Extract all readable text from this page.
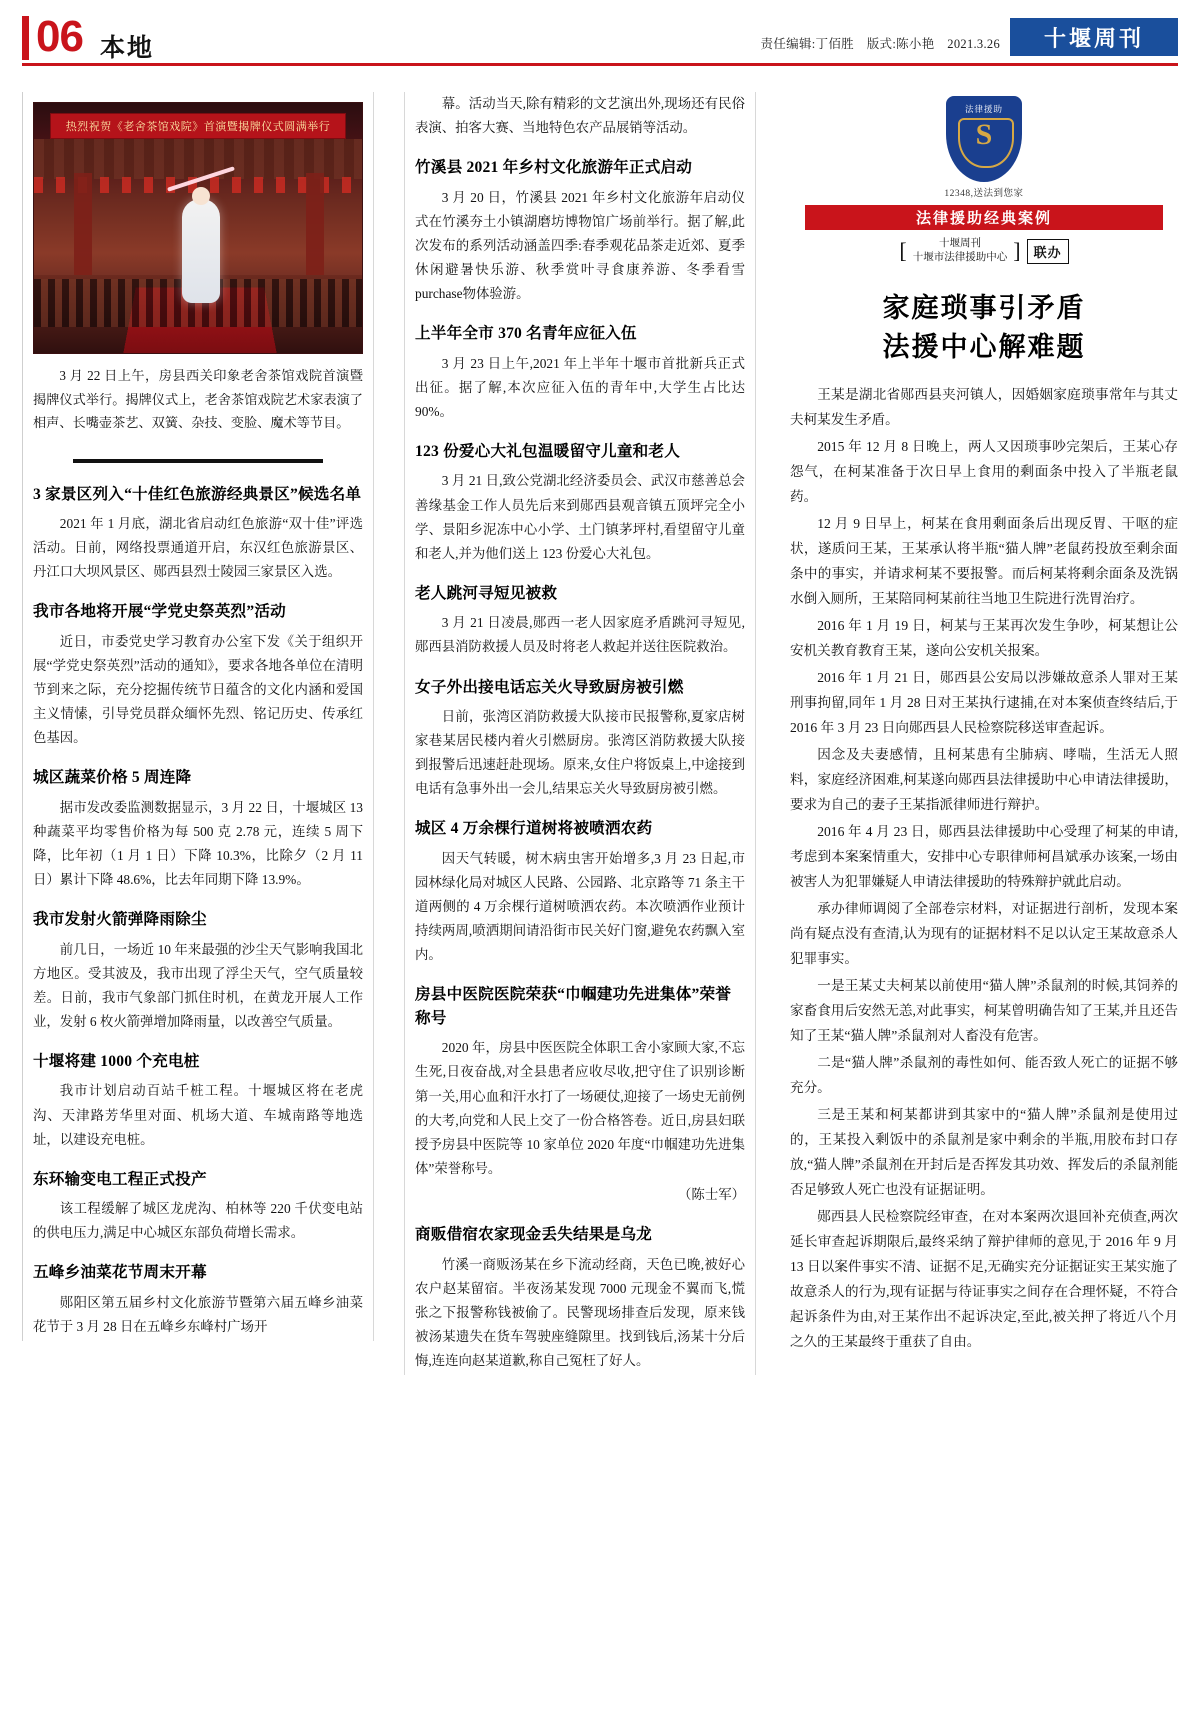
06 本地	责任编辑:丁佰胜　版式:陈小艳　2021.3.26	十堰周刊
热烈祝贺《老舍茶馆戏院》首演暨揭牌仪式圆满举行
3 月 22 日上午，房县西关印象老舍茶馆戏院首演暨揭牌仪式举行。揭牌仪式上，老舍茶馆戏院艺术家表演了相声、长嘴壶茶艺、双簧、杂技、变脸、魔术等节目。
3 家景区列入“十佳红色旅游经典景区”候选名单

2021 年 1 月底，湖北省启动红色旅游“双十佳”评选活动。日前，网络投票通道开启，东汉红色旅游景区、丹江口大坝风景区、郧西县烈士陵园三家景区入选。

我市各地将开展“学党史祭英烈”活动

近日，市委党史学习教育办公室下发《关于组织开展“学党史祭英烈”活动的通知》，要求各地各单位在清明节到来之际，充分挖掘传统节日蕴含的文化内涵和爱国主义情愫，引导党员群众缅怀先烈、铭记历史、传承红色基因。

城区蔬菜价格 5 周连降

据市发改委监测数据显示，3 月 22 日，十堰城区 13 种蔬菜平均零售价格为每 500 克 2.78 元，连续 5 周下降，比年初（1 月 1 日）下降 10.3%，比除夕（2 月 11 日）累计下降 48.6%，比去年同期下降 13.9%。

我市发射火箭弹降雨除尘

前几日，一场近 10 年来最强的沙尘天气影响我国北方地区。受其波及，我市出现了浮尘天气，空气质量较差。日前，我市气象部门抓住时机，在黄龙开展人工作业，发射 6 枚火箭弹增加降雨量，以改善空气质量。

十堰将建 1000 个充电桩

我市计划启动百站千桩工程。十堰城区将在老虎沟、天津路芳华里对面、机场大道、车城南路等地选址，以建设充电桩。

东环输变电工程正式投产

该工程缓解了城区龙虎沟、柏林等 220 千伏变电站的供电压力,满足中心城区东部负荷增长需求。

五峰乡油菜花节周末开幕

郧阳区第五届乡村文化旅游节暨第六届五峰乡油菜花节于 3 月 28 日在五峰乡东峰村广场开

幕。活动当天,除有精彩的文艺演出外,现场还有民俗表演、拍客大赛、当地特色农产品展销等活动。

竹溪县 2021 年乡村文化旅游年正式启动

3 月 20 日，竹溪县 2021 年乡村文化旅游年启动仪式在竹溪夯土小镇湖磨坊博物馆广场前举行。据了解,此次发布的系列活动涵盖四季:春季观花品茶走近郊、夏季休闲避暑快乐游、秋季赏叶寻食康养游、冬季看雪purchase物体验游。

上半年全市 370 名青年应征入伍

3 月 23 日上午,2021 年上半年十堰市首批新兵正式出征。据了解,本次应征入伍的青年中,大学生占比达 90%。

123 份爱心大礼包温暖留守儿童和老人

3 月 21 日,致公党湖北经济委员会、武汉市慈善总会善缘基金工作人员先后来到郧西县观音镇五顶坪完全小学、景阳乡泥冻中心小学、土门镇茅坪村,看望留守儿童和老人,并为他们送上 123 份爱心大礼包。

老人跳河寻短见被救

3 月 21 日凌晨,郧西一老人因家庭矛盾跳河寻短见,郧西县消防救援人员及时将老人救起并送往医院救治。

女子外出接电话忘关火导致厨房被引燃

日前，张湾区消防救援大队接市民报警称,夏家店树家巷某居民楼内着火引燃厨房。张湾区消防救援大队接到报警后迅速赶赴现场。原来,女住户将饭桌上,中途接到电话有急事外出一会儿,结果忘关火导致厨房被引燃。

城区 4 万余棵行道树将被喷洒农药

因天气转暖，树木病虫害开始增多,3 月 23 日起,市园林绿化局对城区人民路、公园路、北京路等 71 条主干道两侧的 4 万余棵行道树喷洒农药。本次喷洒作业预计持续两周,喷洒期间请沿街市民关好门窗,避免农药飘入室内。

房县中医院医院荣获“巾帼建功先进集体”荣誉称号

2020 年，房县中医医院全体职工舍小家顾大家,不忘生死,日夜奋战,对全县患者应收尽收,把守住了识别诊断第一关,用心血和汗水打了一场硬仗,迎接了一场史无前例的大考,向党和人民上交了一份合格答卷。近日,房县妇联授予房县中医院等 10 家单位 2020 年度“巾帼建功先进集体”荣誉称号。

（陈士军）

商贩借宿农家现金丢失结果是乌龙

竹溪一商贩汤某在乡下流动经商，天色已晚,被好心农户赵某留宿。半夜汤某发现 7000 元现金不翼而飞,慌张之下报警称钱被偷了。民警现场排查后发现，原来钱被汤某遗失在货车驾驶座缝隙里。找到钱后,汤某十分后悔,连连向赵某道歉,称自己冤枉了好人。

法律援助
S
12348,送法到您家
法律援助经典案例
[	十堰周刊
十堰市法律援助中心 ]	联办
家庭琐事引矛盾
法援中心解难题

王某是湖北省郧西县夹河镇人，因婚姻家庭琐事常年与其丈夫柯某发生矛盾。

2015 年 12 月 8 日晚上，两人又因琐事吵完架后，王某心存怨气，在柯某准备于次日早上食用的剩面条中投入了半瓶老鼠药。

12 月 9 日早上，柯某在食用剩面条后出现反胃、干呕的症状，遂质问王某，王某承认将半瓶“猫人牌”老鼠药投放至剩余面条中的事实，并请求柯某不要报警。而后柯某将剩余面条及洗锅水倒入厕所，王某陪同柯某前往当地卫生院进行洗胃治疗。

2016 年 1 月 19 日，柯某与王某再次发生争吵，柯某想让公安机关教育教育王某，遂向公安机关报案。

2016 年 1 月 21 日，郧西县公安局以涉嫌故意杀人罪对王某刑事拘留,同年 1 月 28 日对王某执行逮捕,在对本案侦查终结后,于 2016 年 3 月 23 日向郧西县人民检察院移送审查起诉。

因念及夫妻感情，且柯某患有尘肺病、哮喘，生活无人照料，家庭经济困难,柯某遂向郧西县法律援助中心申请法律援助，要求为自己的妻子王某指派律师进行辩护。

2016 年 4 月 23 日，郧西县法律援助中心受理了柯某的申请,考虑到本案案情重大，安排中心专职律师柯昌斌承办该案,一场由被害人为犯罪嫌疑人申请法律援助的特殊辩护就此启动。

承办律师调阅了全部卷宗材料，对证据进行剖析，发现本案尚有疑点没有查清,认为现有的证据材料不足以认定王某故意杀人犯罪事实。

一是王某丈夫柯某以前使用“猫人牌”杀鼠剂的时候,其饲养的家畜食用后安然无恙,对此事实，柯某曾明确告知了王某,并且还告知了王某“猫人牌”杀鼠剂对人畜没有危害。

二是“猫人牌”杀鼠剂的毒性如何、能否致人死亡的证据不够充分。

三是王某和柯某都讲到其家中的“猫人牌”杀鼠剂是使用过的，王某投入剩饭中的杀鼠剂是家中剩余的半瓶,用胶布封口存放,“猫人牌”杀鼠剂在开封后是否挥发其功效、挥发后的杀鼠剂能否足够致人死亡也没有证据证明。

郧西县人民检察院经审查，在对本案两次退回补充侦查,两次延长审查起诉期限后,最终采纳了辩护律师的意见,于 2016 年 9 月 13 日以案件事实不清、证据不足,无确实充分证据证实王某实施了故意杀人的行为,现有证据与待证事实之间存在合理怀疑，不符合起诉条件为由,对王某作出不起诉决定,至此,被关押了将近八个月之久的王某最终于重获了自由。
